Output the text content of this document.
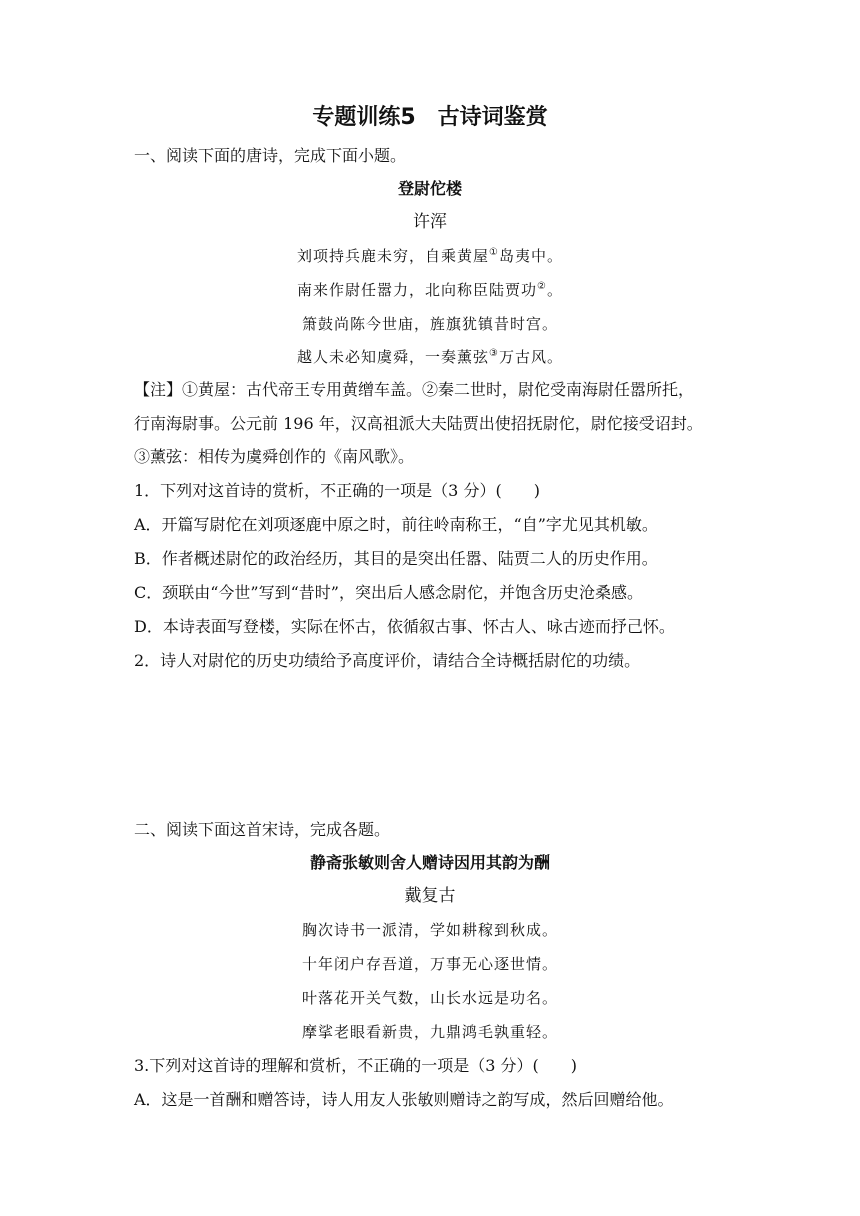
专题训练5　古诗词鉴赏
一、阅读下面的唐诗，完成下面小题。
登尉佗楼
许浑
刘项持兵鹿未穷，自乘黄屋①岛夷中。
南来作尉任嚣力，北向称臣陆贾功②。
箫鼓尚陈今世庙，旌旗犹镇昔时宫。
越人未必知虞舜，一奏薰弦③万古风。
【注】①黄屋：古代帝王专用黄缯车盖。②秦二世时，尉佗受南海尉任嚣所托，
行南海尉事。公元前 196 年，汉高祖派大夫陆贾出使招抚尉佗，尉佗接受诏封。
③薰弦：相传为虞舜创作的《南风歌》。
1．下列对这首诗的赏析，不正确的一项是（3 分）(　　)
A．开篇写尉佗在刘项逐鹿中原之时，前往岭南称王，“自”字尤见其机敏。
B．作者概述尉佗的政治经历，其目的是突出任嚣、陆贾二人的历史作用。
C．颈联由“今世”写到“昔时”，突出后人感念尉佗，并饱含历史沧桑感。
D．本诗表面写登楼，实际在怀古，依循叙古事、怀古人、咏古迹而抒己怀。
2．诗人对尉佗的历史功绩给予高度评价，请结合全诗概括尉佗的功绩。
二、阅读下面这首宋诗，完成各题。
静斋张敏则舍人赠诗因用其韵为酬
戴复古
胸次诗书一派清，学如耕稼到秋成。
十年闭户存吾道，万事无心逐世情。
叶落花开关气数，山长水远是功名。
摩挲老眼看新贵，九鼎鸿毛孰重轻。
3.下列对这首诗的理解和赏析，不正确的一项是（3 分）(　　)
A．这是一首酬和赠答诗，诗人用友人张敏则赠诗之韵写成，然后回赠给他。
